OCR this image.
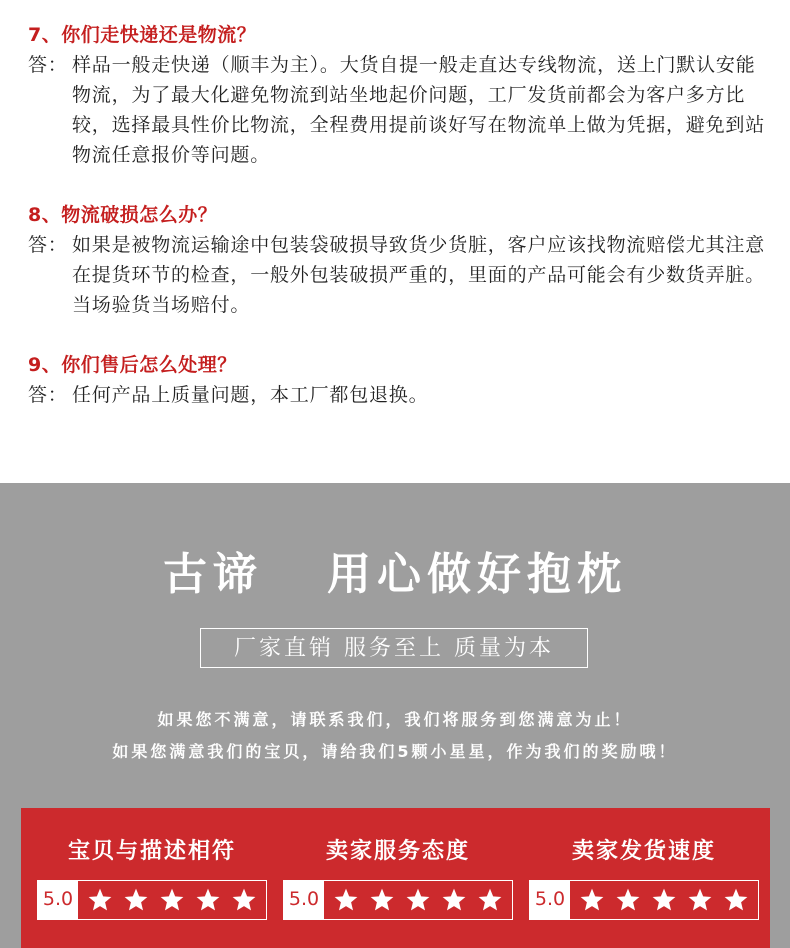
7、你们走快递还是物流？
答： 样品一般走快递（顺丰为主）。大货自提一般走直达专线物流，送上门默认安能物流，为了最大化避免物流到站坐地起价问题，工厂发货前都会为客户多方比较，选择最具性价比物流，全程费用提前谈好写在物流单上做为凭据，避免到站物流任意报价等问题。
8、物流破损怎么办？
答： 如果是被物流运输途中包装袋破损导致货少货脏，客户应该找物流赔偿尤其注意在提货环节的检查，一般外包装破损严重的，里面的产品可能会有少数货弄脏。当场验货当场赔付。
9、你们售后怎么处理？
答： 任何产品上质量问题，本工厂都包退换。
古谛   用心做好抱枕
厂家直销 服务至上 质量为本
如果您不满意，请联系我们，我们将服务到您满意为止！
如果您满意我们的宝贝，请给我们5颗小星星，作为我们的奖励哦！
宝贝与描述相符
5.0
卖家服务态度
5.0
卖家发货速度
5.0
